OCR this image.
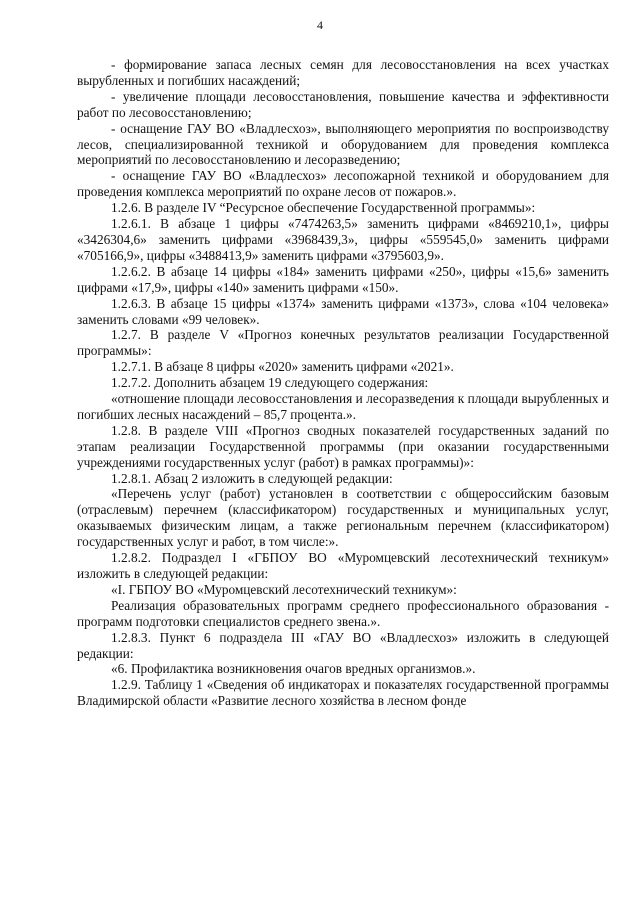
4

- формирование запаса лесных семян для лесовосстановления на всех участках вырубленных и погибших насаждений;

- увеличение площади лесовосстановления, повышение качества и эффективности работ по лесовосстановлению;

- оснащение ГАУ ВО «Владлесхоз», выполняющего мероприятия по воспроизводству лесов, специализированной техникой и оборудованием для проведения комплекса мероприятий по лесовосстановлению и лесоразведению;

- оснащение ГАУ ВО «Владлесхоз» лесопожарной техникой и оборудованием для проведения комплекса мероприятий по охране лесов от пожаров.».

1.2.6. В разделе IV “Ресурсное обеспечение Государственной программы»:

1.2.6.1. В абзаце 1 цифры «7474263,5» заменить цифрами «8469210,1», цифры «3426304,6» заменить цифрами «3968439,3», цифры «559545,0» заменить цифрами «705166,9», цифры «3488413,9» заменить цифрами «3795603,9».

1.2.6.2. В абзаце 14 цифры «184» заменить цифрами «250», цифры «15,6» заменить цифрами «17,9», цифры «140» заменить цифрами «150».

1.2.6.3. В абзаце 15 цифры «1374» заменить цифрами «1373», слова «104 человека» заменить словами «99 человек».

1.2.7. В разделе V «Прогноз конечных результатов реализации Государственной программы»:

1.2.7.1. В абзаце 8 цифры «2020» заменить цифрами «2021».

1.2.7.2. Дополнить абзацем 19 следующего содержания:

«отношение площади лесовосстановления и лесоразведения к площади вырубленных и погибших лесных насаждений – 85,7 процента.».

1.2.8. В разделе VIII «Прогноз сводных показателей государственных заданий по этапам реализации Государственной программы (при оказании государственными учреждениями государственных услуг (работ) в рамках программы)»:

1.2.8.1. Абзац 2 изложить в следующей редакции:

«Перечень услуг (работ) установлен в соответствии с общероссийским базовым (отраслевым) перечнем (классификатором) государственных и муниципальных услуг, оказываемых физическим лицам, а также региональным перечнем (классификатором) государственных услуг и работ, в том числе:».

1.2.8.2. Подраздел I «ГБПОУ ВО «Муромцевский лесотехнический техникум» изложить в следующей редакции:

«I. ГБПОУ ВО «Муромцевский лесотехнический техникум»:

Реализация образовательных программ среднего профессионального образования - программ подготовки специалистов среднего звена.».

1.2.8.3. Пункт 6 подраздела III «ГАУ ВО «Владлесхоз» изложить в следующей редакции:

«6. Профилактика возникновения очагов вредных организмов.».

1.2.9. Таблицу 1 «Сведения об индикаторах и показателях государственной программы Владимирской области «Развитие лесного хозяйства в лесном фонде
